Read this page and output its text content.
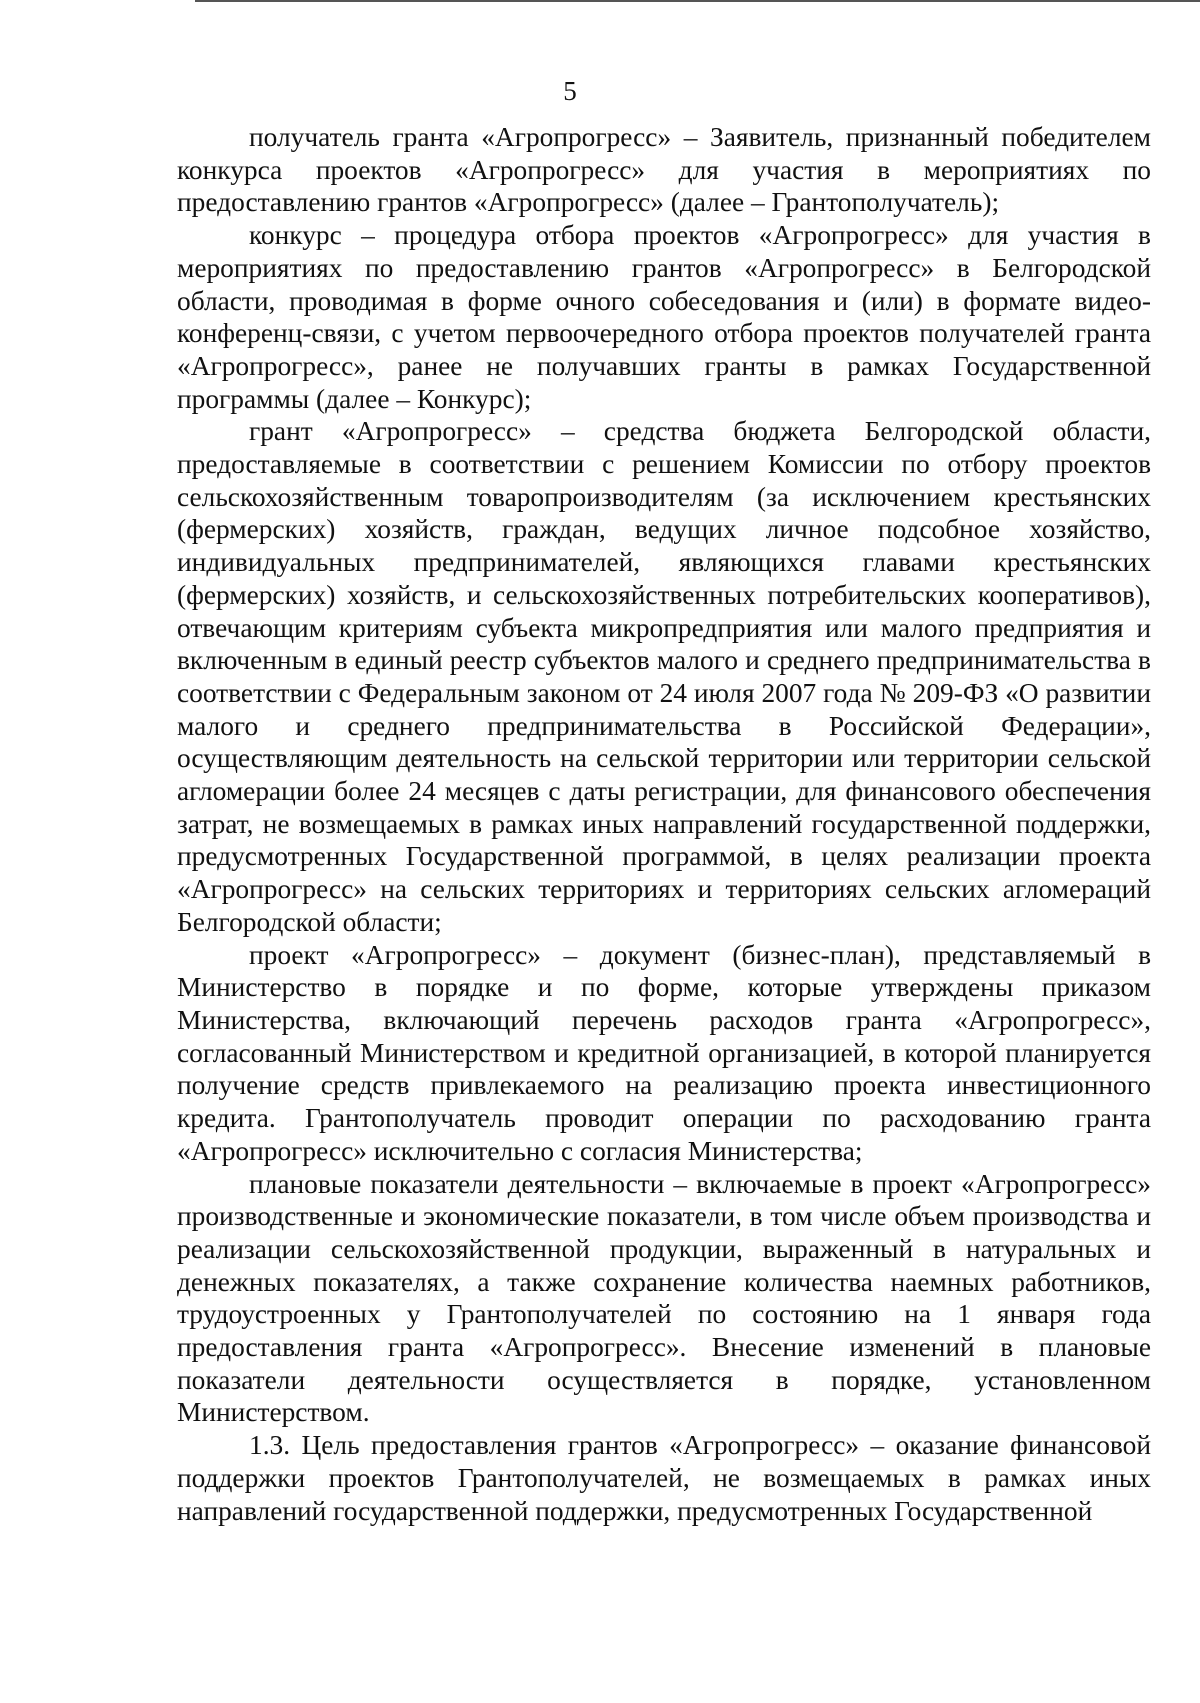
5

получатель гранта «Агропрогресс» – Заявитель, признанный победителем конкурса проектов «Агропрогресс» для участия в мероприятиях по предоставлению грантов «Агропрогресс» (далее – Грантополучатель);

конкурс – процедура отбора проектов «Агропрогресс» для участия в мероприятиях по предоставлению грантов «Агропрогресс» в Белгородской области, проводимая в форме очного собеседования и (или) в формате видео-конференц-связи, с учетом первоочередного отбора проектов получателей гранта «Агропрогресс», ранее не получавших гранты в рамках Государственной программы (далее – Конкурс);

грант «Агропрогресс» – средства бюджета Белгородской области, предоставляемые в соответствии с решением Комиссии по отбору проектов сельскохозяйственным товаропроизводителям (за исключением крестьянских (фермерских) хозяйств, граждан, ведущих личное подсобное хозяйство, индивидуальных предпринимателей, являющихся главами крестьянских (фермерских) хозяйств, и сельскохозяйственных потребительских кооперативов), отвечающим критериям субъекта микропредприятия или малого предприятия и включенным в единый реестр субъектов малого и среднего предпринимательства в соответствии с Федеральным законом от 24 июля 2007 года № 209-ФЗ «О развитии малого и среднего предпринимательства в Российской Федерации», осуществляющим деятельность на сельской территории или территории сельской агломерации более 24 месяцев с даты регистрации, для финансового обеспечения затрат, не возмещаемых в рамках иных направлений государственной поддержки, предусмотренных Государственной программой, в целях реализации проекта «Агропрогресс» на сельских территориях и территориях сельских агломераций Белгородской области;

проект «Агропрогресс» – документ (бизнес-план), представляемый в Министерство в порядке и по форме, которые утверждены приказом Министерства, включающий перечень расходов гранта «Агропрогресс», согласованный Министерством и кредитной организацией, в которой планируется получение средств привлекаемого на реализацию проекта инвестиционного кредита. Грантополучатель проводит операции по расходованию гранта «Агропрогресс» исключительно с согласия Министерства;

плановые показатели деятельности – включаемые в проект «Агропрогресс» производственные и экономические показатели, в том числе объем производства и реализации сельскохозяйственной продукции, выраженный в натуральных и денежных показателях, а также сохранение количества наемных работников, трудоустроенных у Грантополучателей по состоянию на 1 января года предоставления гранта «Агропрогресс». Внесение изменений в плановые показатели деятельности осуществляется в порядке, установленном Министерством.

1.3. Цель предоставления грантов «Агропрогресс» – оказание финансовой поддержки проектов Грантополучателей, не возмещаемых в рамках иных направлений государственной поддержки, предусмотренных Государственной
